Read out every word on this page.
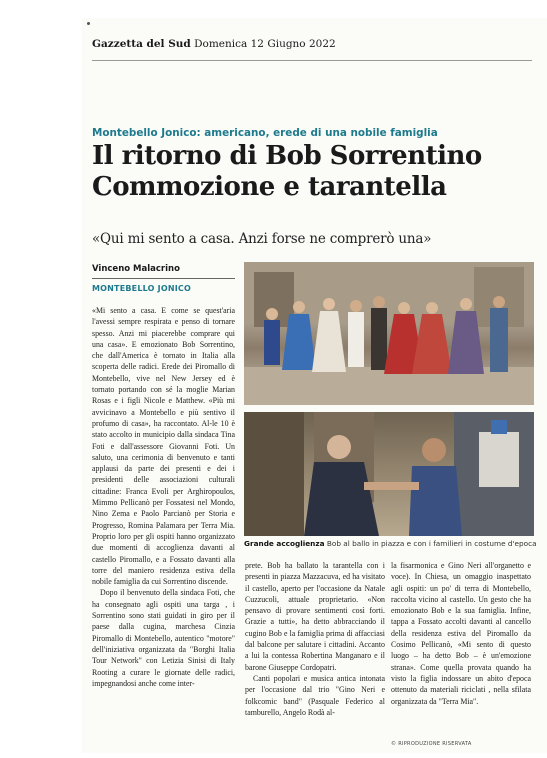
Gazzetta del Sud Domenica 12 Giugno 2022
Montebello Jonico: americano, erede di una nobile famiglia
Il ritorno di Bob Sorrentino
Commozione e tarantella
«Qui mi sento a casa. Anzi forse ne comprerò una»
Vinceno Malacrino
MONTEBELLO JONICO

«Mi sento a casa. E come se quest'aria l'avessi sempre respirata e penso di tornare spesso. Anzi mi piacerebbe comprare qui una casa». E emozionato Bob Sorrentino, che dall'America è tornato in Italia alla scoperta delle radici. Erede dei Piromallo di Montebello, vive nel New Jersey ed è tornato portando con sé la moglie Marian Rosas e i figli Nicole e Matthew. «Più mi avvicinavo a Montebello e più sentivo il profumo di casa», ha raccontato. Al-le 10 è stato accolto in municipio dalla sindaca Tina Foti e dall'assessore Giovanni Foti. Un saluto, una cerimonia di benvenuto e tanti applausi da parte dei presenti e dei i presidenti delle associazioni culturali cittadine: Franca Evoli per Arghiropoulos, Mimmo Pellicanò per Fossatesi nel Mondo, Nino Zema e Paolo Parcianò per Storia e Progresso, Romina Palamara per Terra Mia. Proprio loro per gli ospiti hanno organizzato due momenti di accoglienza davanti al castello Piromallo, e a Fossato davanti alla torre del maniero residenza estiva della nobile famiglia da cui Sorrentino discende.

Dopo il benvenuto della sindaca Foti, che ha consegnato agli ospiti una targa , i Sorrentino sono stati guidati in giro per il paese dalla cugina, marchesa Cinzia Piromallo di Montebello, autentico "motore" dell'iniziativa organizzata da "Borghi Italia Tour Network" con Letizia Sinisi di Italy Rooting a curare le giornate delle radici, impegnandosi anche come inter-

Grande accoglienza Bob al ballo in piazza e con i familieri in costume d'epoca

prete. Bob ha ballato la tarantella con i presenti in piazza Mazzacuva, ed ha visitato il castello, aperto per l'occasione da Natale Cuzzucoli, attuale proprietario. «Non pensavo di provare sentimenti così forti. Grazie a tutti», ha detto abbracciando il cugino Bob e la famiglia prima di affacciasi dal balcone per salutare i cittadini. Accanto a lui la contessa Robertina Manganaro e il barone Giuseppe Cordopatri.

Canti popolari e musica antica intonata per l'occasione dal trio "Gino Neri e folkcomic band" (Pasquale Federico al tamburello, Angelo Rodà al-

la fisarmonica e Gino Neri all'organetto e voce). In Chiesa, un omaggio inaspettato agli ospiti: un po' di terra di Montebello, raccolta vicino al castello. Un gesto che ha emozionato Bob e la sua famiglia. Infine, tappa a Fossato accolti davanti al cancello della residenza estiva del Piromallo da Cosimo Pellicanò, «Mi sento di questo luogo – ha detto Bob – è un'emozione strana». Come quella provata quando ha visto la figlia indossare un abito d'epoca ottenuto da materiali riciclati , nella sfilata organizzata da "Terra Mia".

© RIPRODUZIONE RISERVATA
